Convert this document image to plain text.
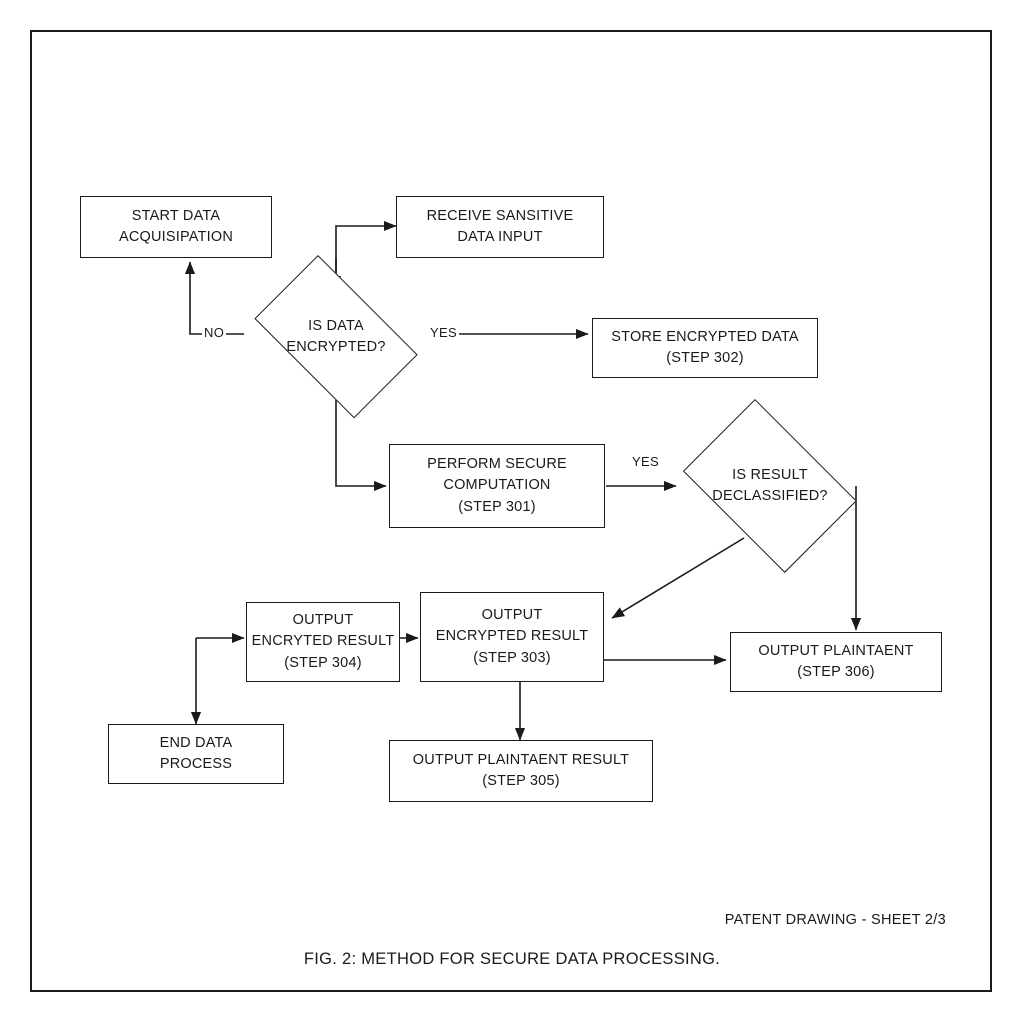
START DATA
ACQUISIPATION
RECEIVE SANSITIVE
DATA INPUT
IS DATA
ENCRYPTED?
STORE ENCRYPTED DATA
(STEP 302)
PERFORM SECURE
COMPUTATION
(STEP 301)
IS RESULT
DECLASSIFIED?
OUTPUT
ENCRYTED RESULT
(STEP 304)
OUTPUT
ENCRYPTED RESULT
(STEP 303)	OUTPUT PLAINTAENT
(STEP 306)
OUTPUT PLAINTAENT RESULT
(STEP 305)
END DATA
PROCESS
NO	YES
YES
PATENT DRAWING - SHEET 2/3
FIG. 2: METHOD FOR SECURE DATA PROCESSING.
